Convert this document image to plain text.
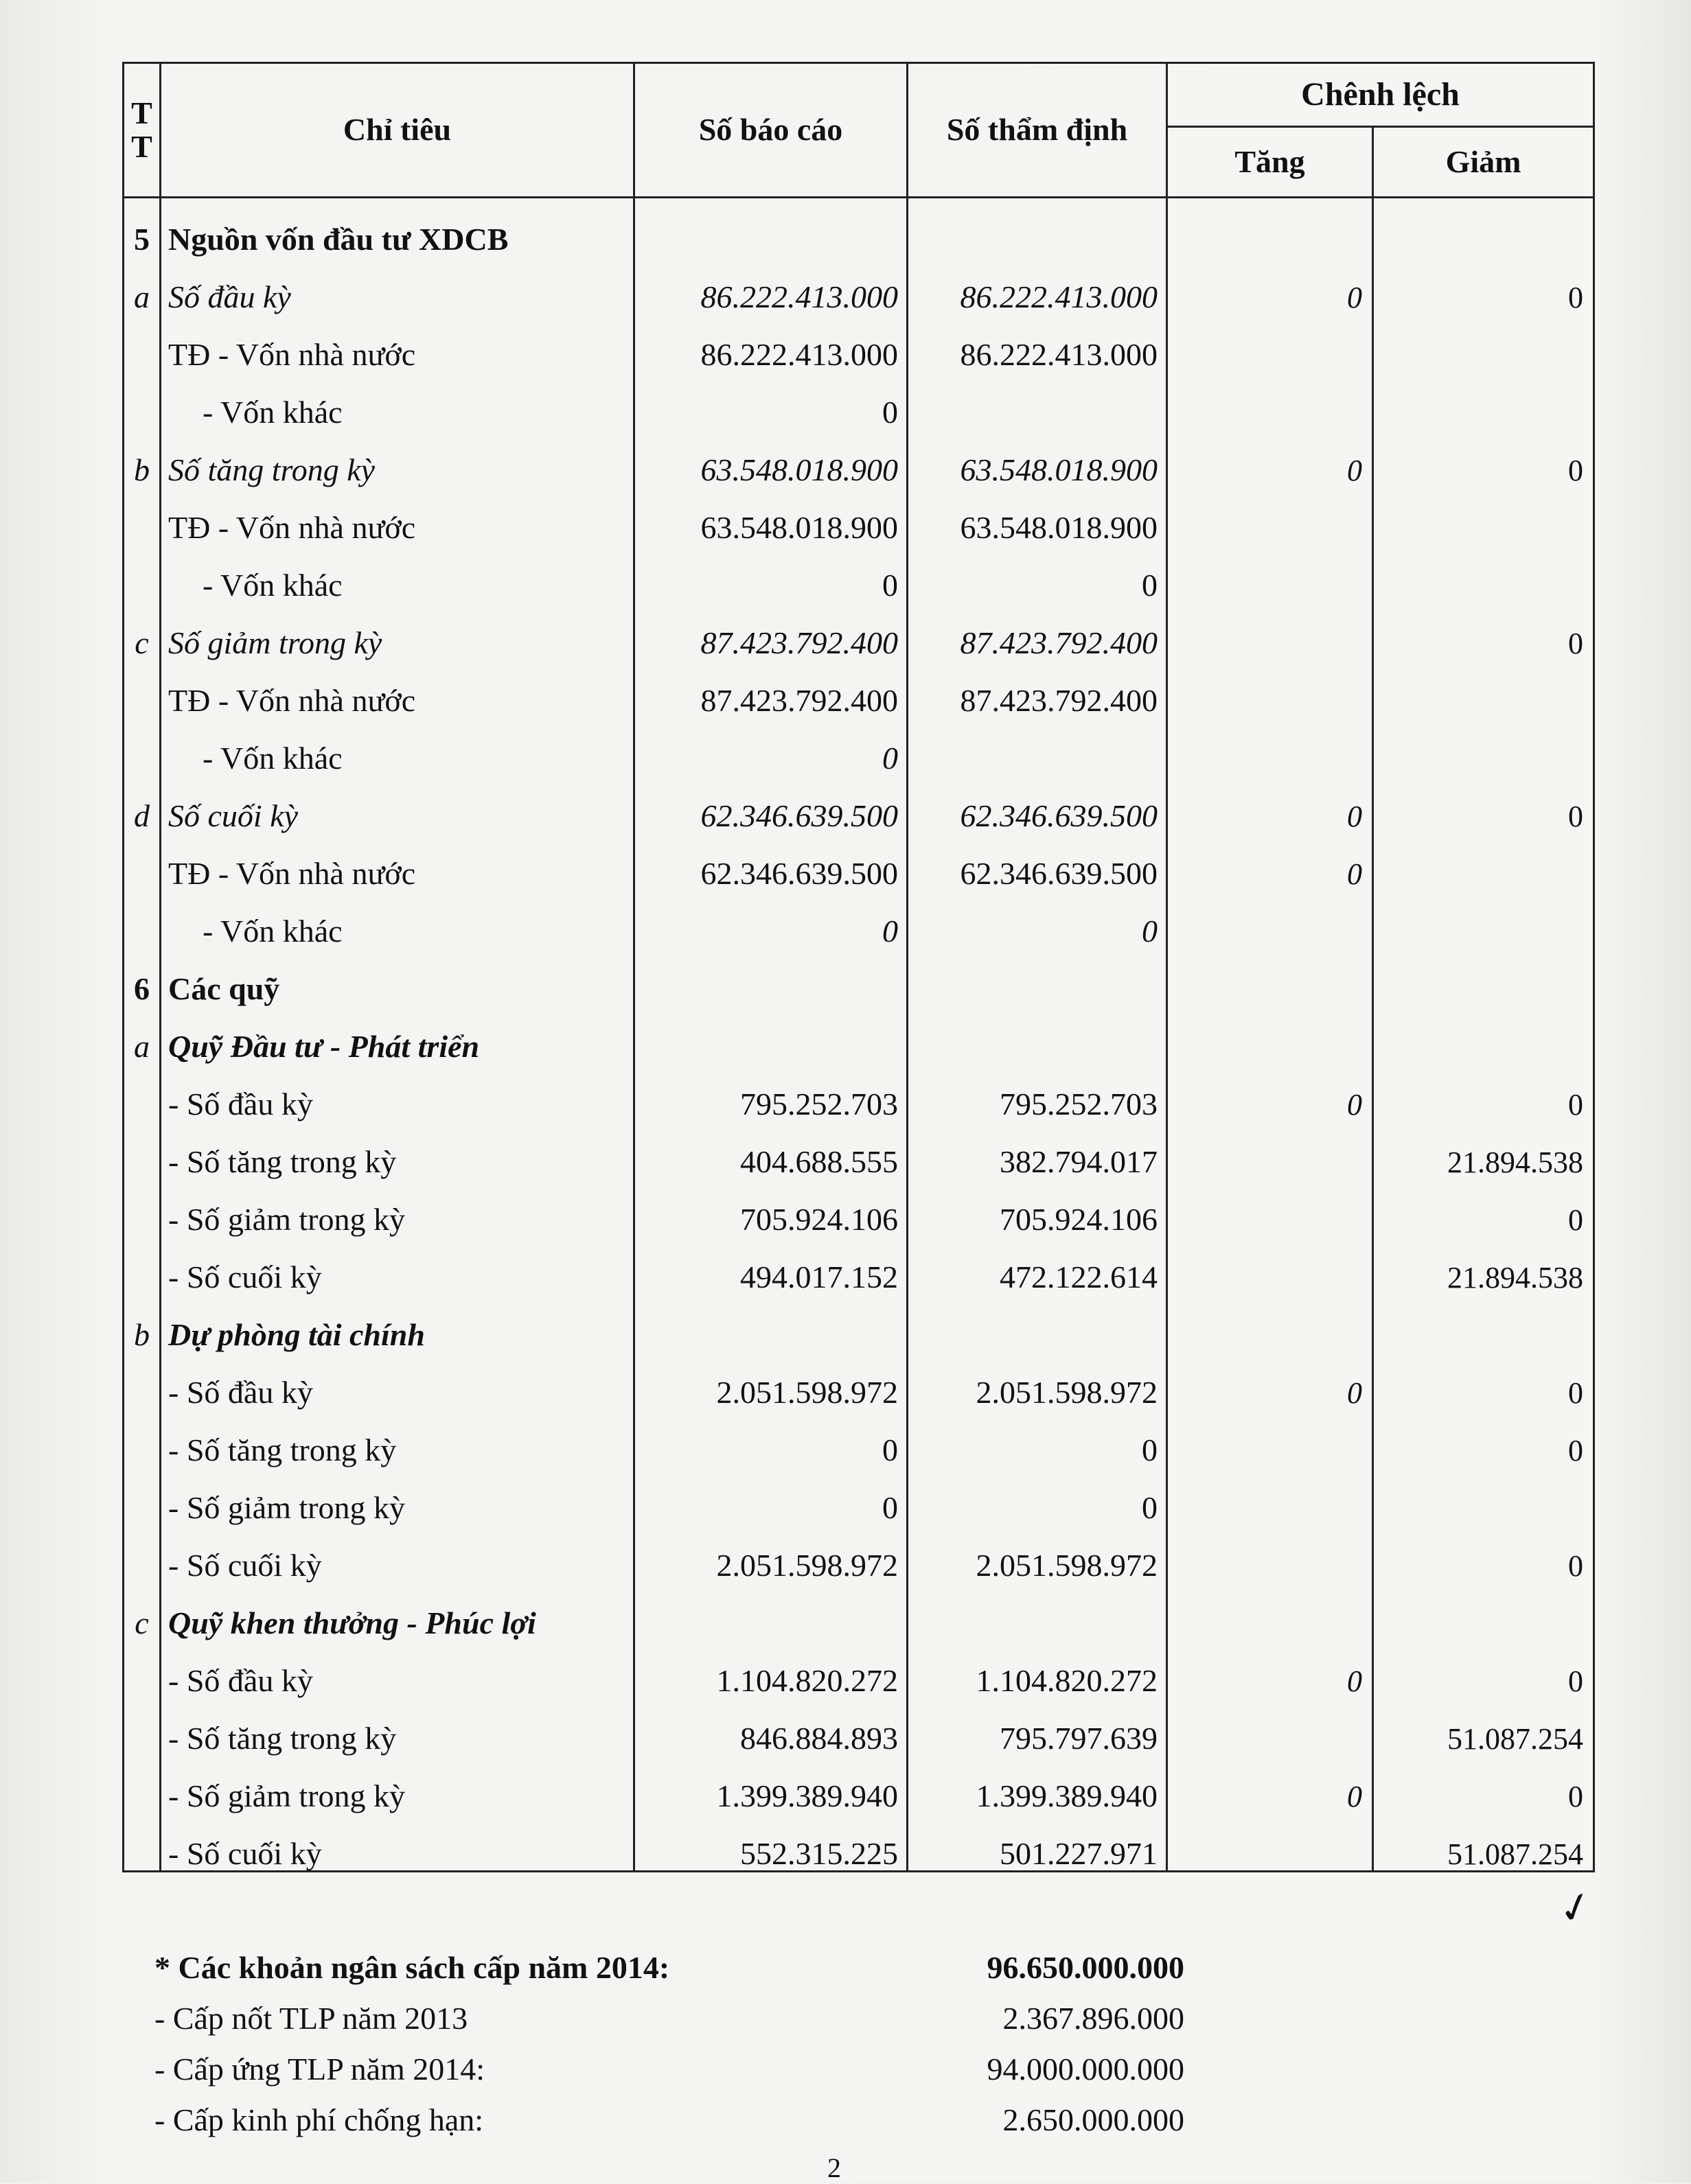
T
T	Chỉ tiêu	Số báo cáo	Số thẩm định	Chênh lệch	
				Tăng	Giảm
5	Nguồn vốn đầu tư XDCB				
a	Số đầu kỳ	86.222.413.000	86.222.413.000	0	0
	TĐ - Vốn nhà nước	86.222.413.000	86.222.413.000		
	- Vốn khác	0			
b	Số tăng trong kỳ	63.548.018.900	63.548.018.900	0	0
	TĐ - Vốn nhà nước	63.548.018.900	63.548.018.900		
	- Vốn khác	0	0		
c	Số giảm trong kỳ	87.423.792.400	87.423.792.400		0
	TĐ - Vốn nhà nước	87.423.792.400	87.423.792.400		
	- Vốn khác	0			
d	Số cuối kỳ	62.346.639.500	62.346.639.500	0	0
	TĐ - Vốn nhà nước	62.346.639.500	62.346.639.500	0	
	- Vốn khác	0	0		
6	Các quỹ				
a	Quỹ Đầu tư - Phát triển				
	- Số đầu kỳ	795.252.703	795.252.703	0	0
	- Số tăng trong kỳ	404.688.555	382.794.017		21.894.538
	- Số giảm trong kỳ	705.924.106	705.924.106		0
	- Số cuối kỳ	494.017.152	472.122.614		21.894.538
b	Dự phòng tài chính				
	- Số đầu kỳ	2.051.598.972	2.051.598.972	0	0
	- Số tăng trong kỳ	0	0		0
	- Số giảm trong kỳ	0	0		
	- Số cuối kỳ	2.051.598.972	2.051.598.972		0
c	Quỹ khen thưởng - Phúc lợi				
	- Số đầu kỳ	1.104.820.272	1.104.820.272	0	0
	- Số tăng trong kỳ	846.884.893	795.797.639		51.087.254
	- Số giảm trong kỳ	1.399.389.940	1.399.389.940	0	0
	- Số cuối kỳ	552.315.225	501.227.971		51.087.254
* Các khoản ngân sách cấp năm 2014:	96.650.000.000
- Cấp nốt TLP năm 2013	2.367.896.000
- Cấp ứng TLP năm 2014:	94.000.000.000
- Cấp kinh phí chống hạn:	2.650.000.000
✓
2
